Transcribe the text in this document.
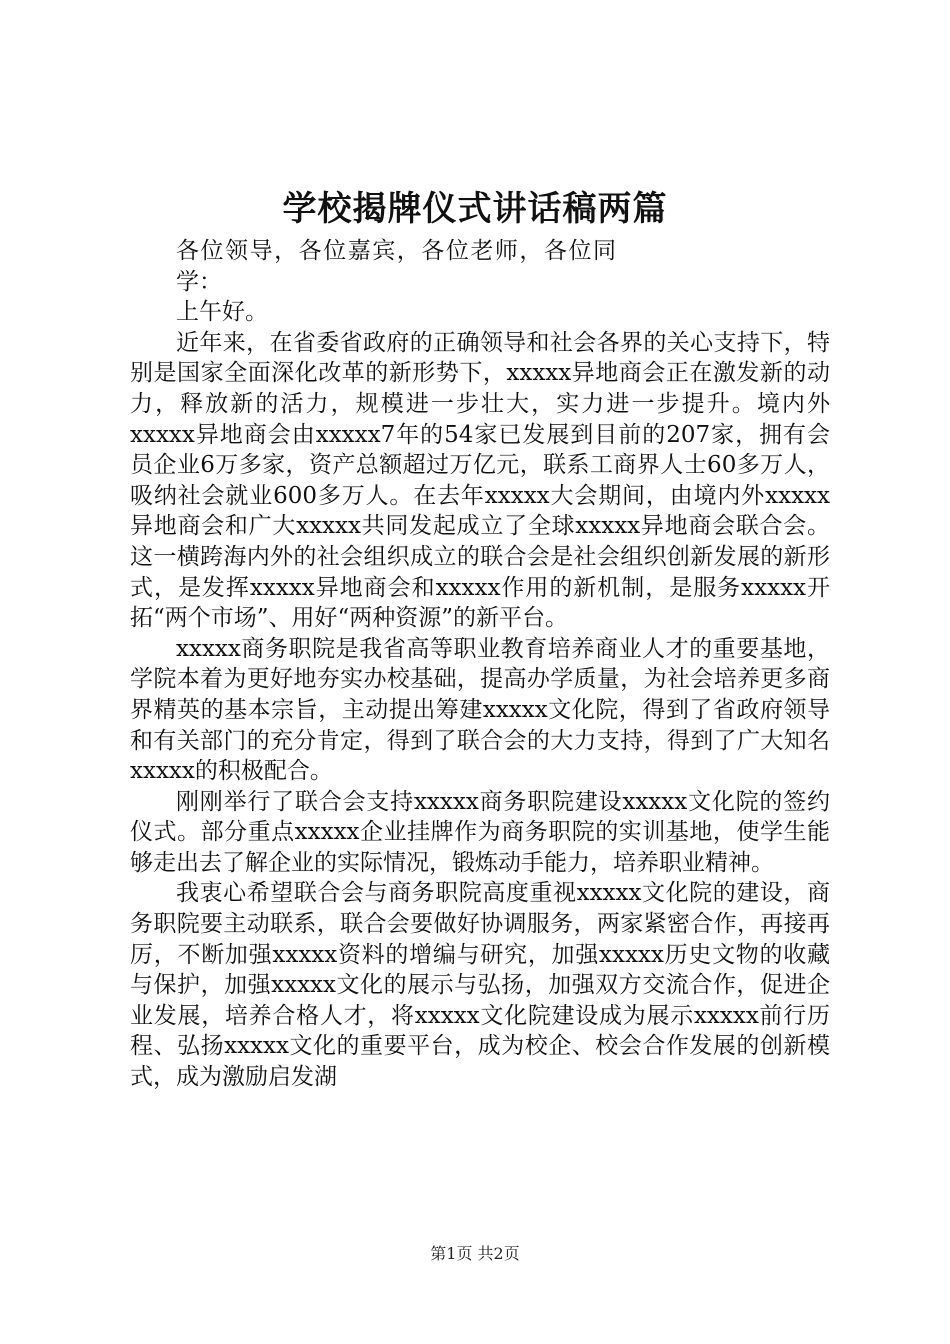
学校揭牌仪式讲话稿两篇

各位领导，各位嘉宾，各位老师，各位同学：

上午好。

近年来，在省委省政府的正确领导和社会各界的关心支持下，特别是国家全面深化改革的新形势下，xxxxx异地商会正在激发新的动力，释放新的活力，规模进一步壮大，实力进一步提升。境内外xxxxx异地商会由xxxxx7年的54家已发展到目前的207家，拥有会员企业6万多家，资产总额超过万亿元，联系工商界人士60多万人，吸纳社会就业600多万人。在去年xxxxx大会期间，由境内外xxxxx异地商会和广大xxxxx共同发起成立了全球xxxxx异地商会联合会。这一横跨海内外的社会组织成立的联合会是社会组织创新发展的新形式，是发挥xxxxx异地商会和xxxxx作用的新机制，是服务xxxxx开拓“两个市场”、用好“两种资源”的新平台。

xxxxx商务职院是我省高等职业教育培养商业人才的重要基地，学院本着为更好地夯实办校基础，提高办学质量，为社会培养更多商界精英的基本宗旨，主动提出筹建xxxxx文化院，得到了省政府领导和有关部门的充分肯定，得到了联合会的大力支持，得到了广大知名xxxxx的积极配合。

刚刚举行了联合会支持xxxxx商务职院建设xxxxx文化院的签约仪式。部分重点xxxxx企业挂牌作为商务职院的实训基地，使学生能够走出去了解企业的实际情况，锻炼动手能力，培养职业精神。

我衷心希望联合会与商务职院高度重视xxxxx文化院的建设，商务职院要主动联系，联合会要做好协调服务，两家紧密合作，再接再厉，不断加强xxxxx资料的增编与研究，加强xxxxx历史文物的收藏与保护，加强xxxxx文化的展示与弘扬，加强双方交流合作，促进企业发展，培养合格人才，将xxxxx文化院建设成为展示xxxxx前行历程、弘扬xxxxx文化的重要平台，成为校企、校会合作发展的创新模式，成为激励启发湖

第1页 共2页
